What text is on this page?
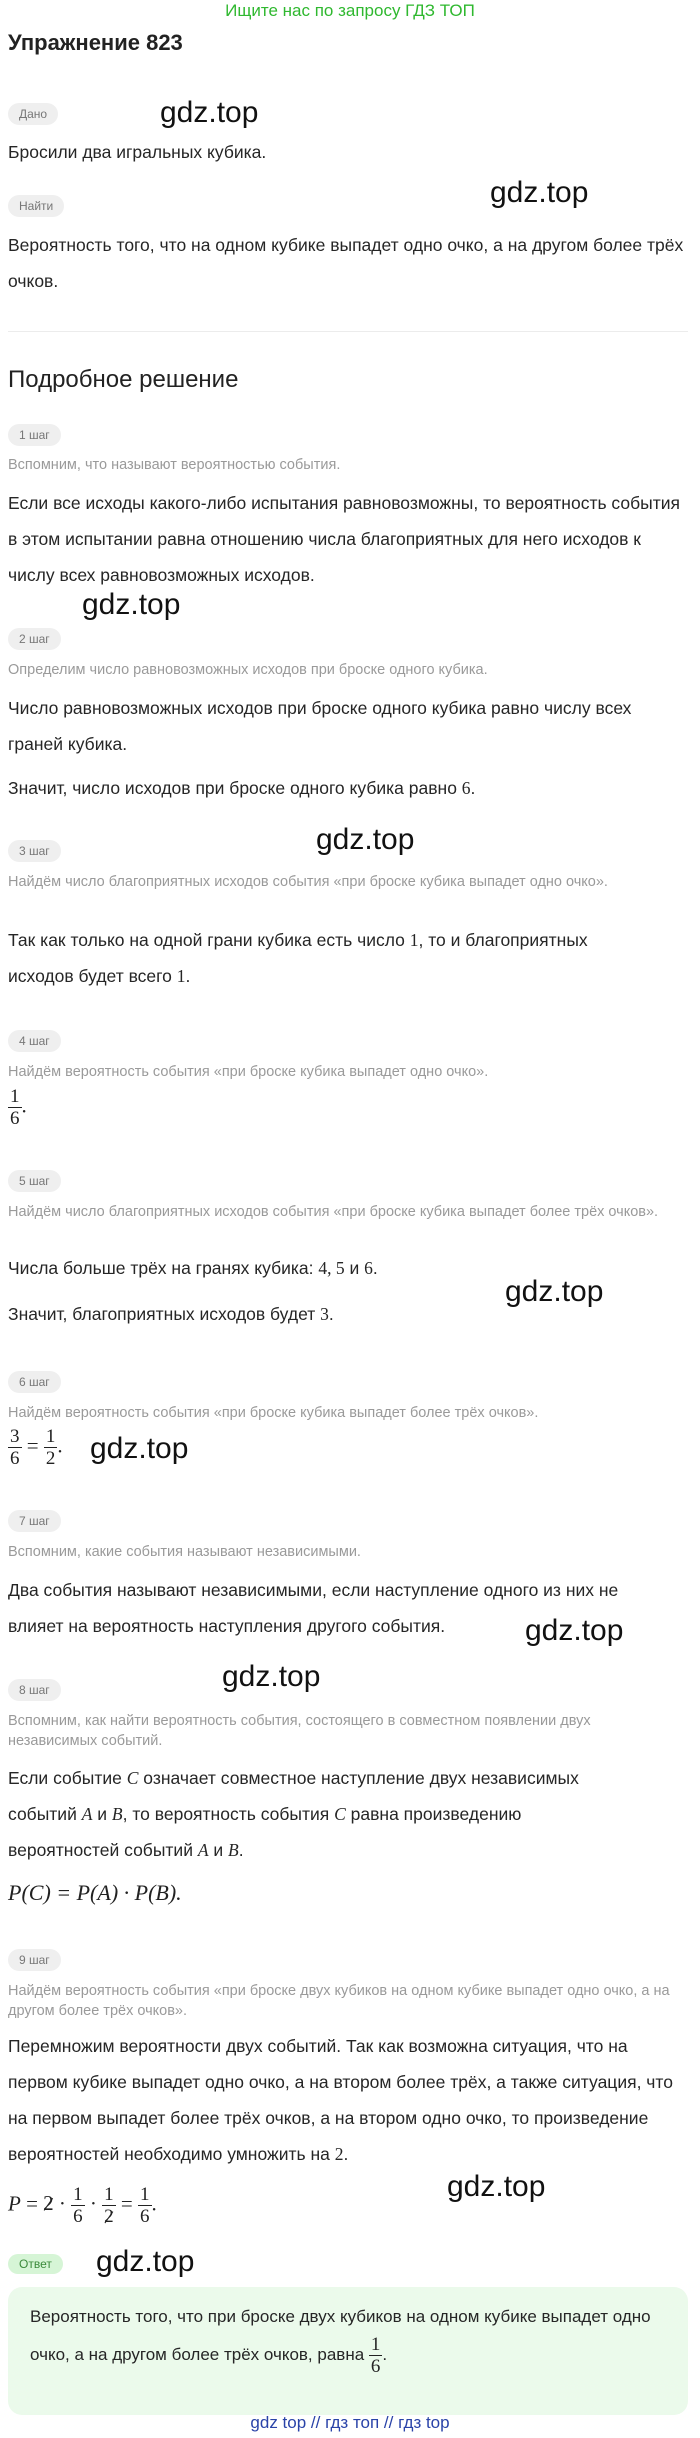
Ищите нас по запросу ГДЗ ТОП
Упражнение 823
Дано	gdz.top
Бросили два игральных кубика.
Найти	gdz.top
Вероятность того, что на одном кубике выпадет одно очко, а на другом более трёх очков.
Подробное решение
1 шаг
Вспомним, что называют вероятностью события.
Если все исходы какого-либо испытания равновозможны, то вероятность события в этом испытании равна отношению числа благоприятных для него исходов к числу всех равновозможных исходов.
gdz.top
2 шаг
Определим число равновозможных исходов при броске одного кубика.
Число равновозможных исходов при броске одного кубика равно числу всех граней кубика.
Значит, число исходов при броске одного кубика равно 6.
gdz.top
3 шаг
Найдём число благоприятных исходов события «при броске кубика выпадет одно очко».
Так как только на одной грани кубика есть число 1, то и благоприятных исходов будет всего 1.
4 шаг
Найдём вероятность события «при броске кубика выпадет одно очко».
$\frac{1}{6}$ .
5 шаг
Найдём число благоприятных исходов события «при броске кубика выпадет более трёх очков».
Числа больше трёх на гранях кубика: 4, 5 и 6.
gdz.top
Значит, благоприятных исходов будет 3.
6 шаг
Найдём вероятность события «при броске кубика выпадет более трёх очков».
$\frac{3}{6} = \frac{1}{2}$ . gdz.top
7 шаг
Вспомним, какие события называют независимыми.
Два события называют независимыми, если наступление одного из них не влияет на вероятность наступления другого события.	gdz.top
gdz.top
8 шаг
Вспомним, как найти вероятность события, состоящего в совместном появлении двух независимых событий.
Если событие C означает совместное наступление двух независимых событий A и B, то вероятность события C равна произведению вероятностей событий A и B.
P(C) = P(A) · P(B).
9 шаг
Найдём вероятность события «при броске двух кубиков на одном кубике выпадет одно очко, а на другом более трёх очков».
Перемножим вероятности двух событий. Так как возможна ситуация, что на первом кубике выпадет одно очко, а на втором более трёх, а также ситуация, что на первом выпадет более трёх очков, а на втором одно очко, то произведение вероятностей необходимо умножить на 2.
$P = 2 \cdot \frac{1}{6} \cdot \frac{1}{2} = \frac{1}{6}$ .
gdz.top
Ответ	gdz.top
Вероятность того, что при броске двух кубиков на одном кубике выпадет одно очко, а на другом более трёх очков, равна $\frac{1}{6}$ .
gdz top // гдз топ // гдз top
